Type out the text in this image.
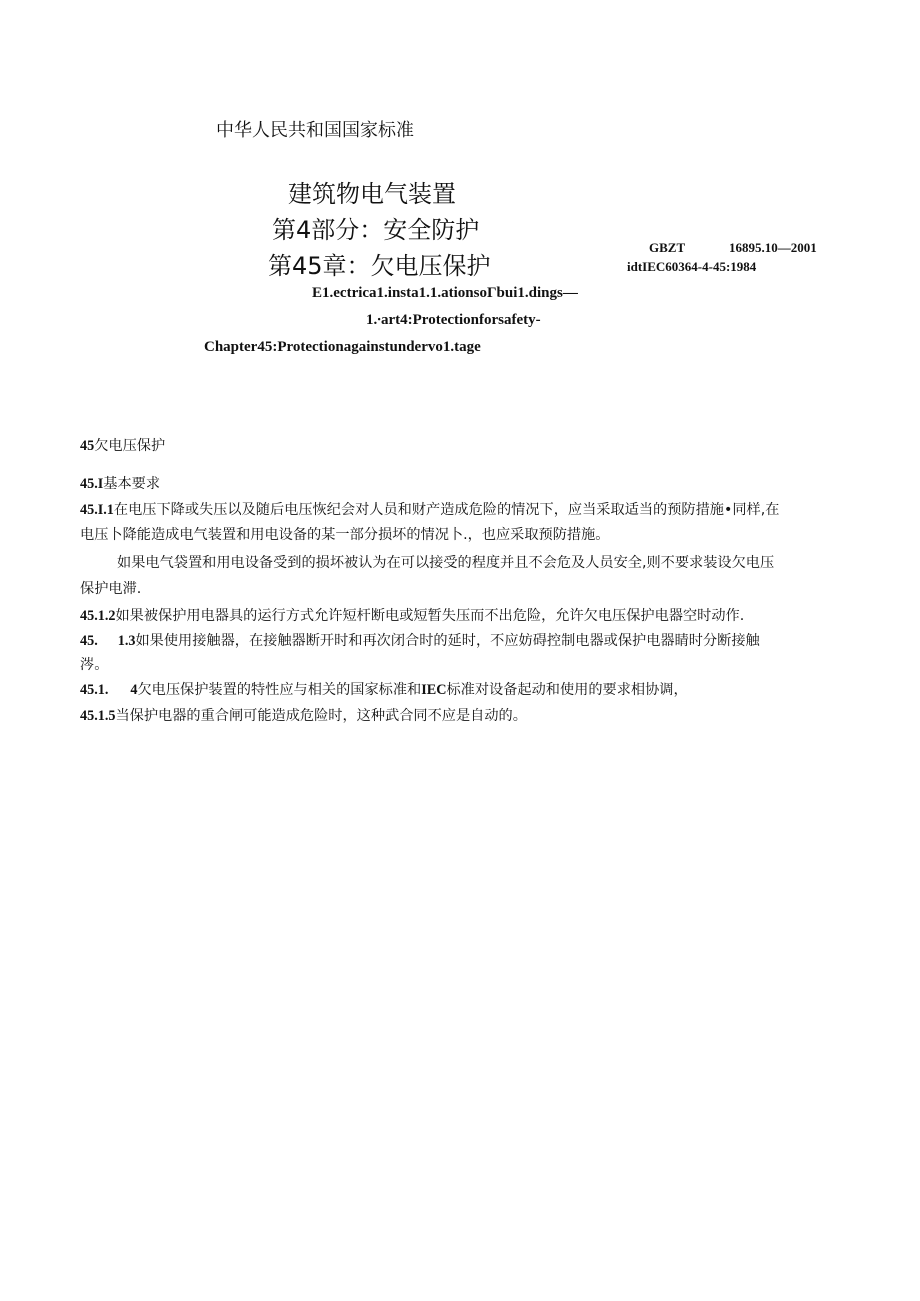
中华人民共和国国家标准
建筑物电气装置
第4部分：安全防护
第45章：欠电压保护
GBZT	16895.10—2001
idtIEC60364-4-45:1984
E1.ectrica1.insta1.1.ationsoΓbui1.dings—
1.∙art4:Protectionforsafety-
Chapter45:Protectionagainstundervo1.tage
45欠电压保护
45.I基本要求
45.I.1在电压下降或失压以及随后电压恢纪会对人员和财产造成危险的情况下，应当采取适当的预防措施•同样,在
电压卜降能造成电气装置和用电设备的某一部分损坏的情况卜.，也应采取预防措施。
如果电气袋置和用电设备受到的损坏被认为在可以接受的程度并且不会危及人员安全,则不要求装设欠电压
保护电滞.
45.1.2如果被保护用电器具的运行方式允许短杆断电或短暂失压而不出危险，允许欠电压保护电器空时动作.
45. 1.3如果使用接触器，在接触器断开时和再次闭合时的延时，不应妨碍控制电器或保护电器睛时分断接触
涔。
45.1. 4欠电压保护装置的特性应与相关的国家标准和IEC标准对设备起动和使用的要求相协调，
45.1.5当保护电器的重合闸可能造成危险时，这种武合同不应是自动的。
